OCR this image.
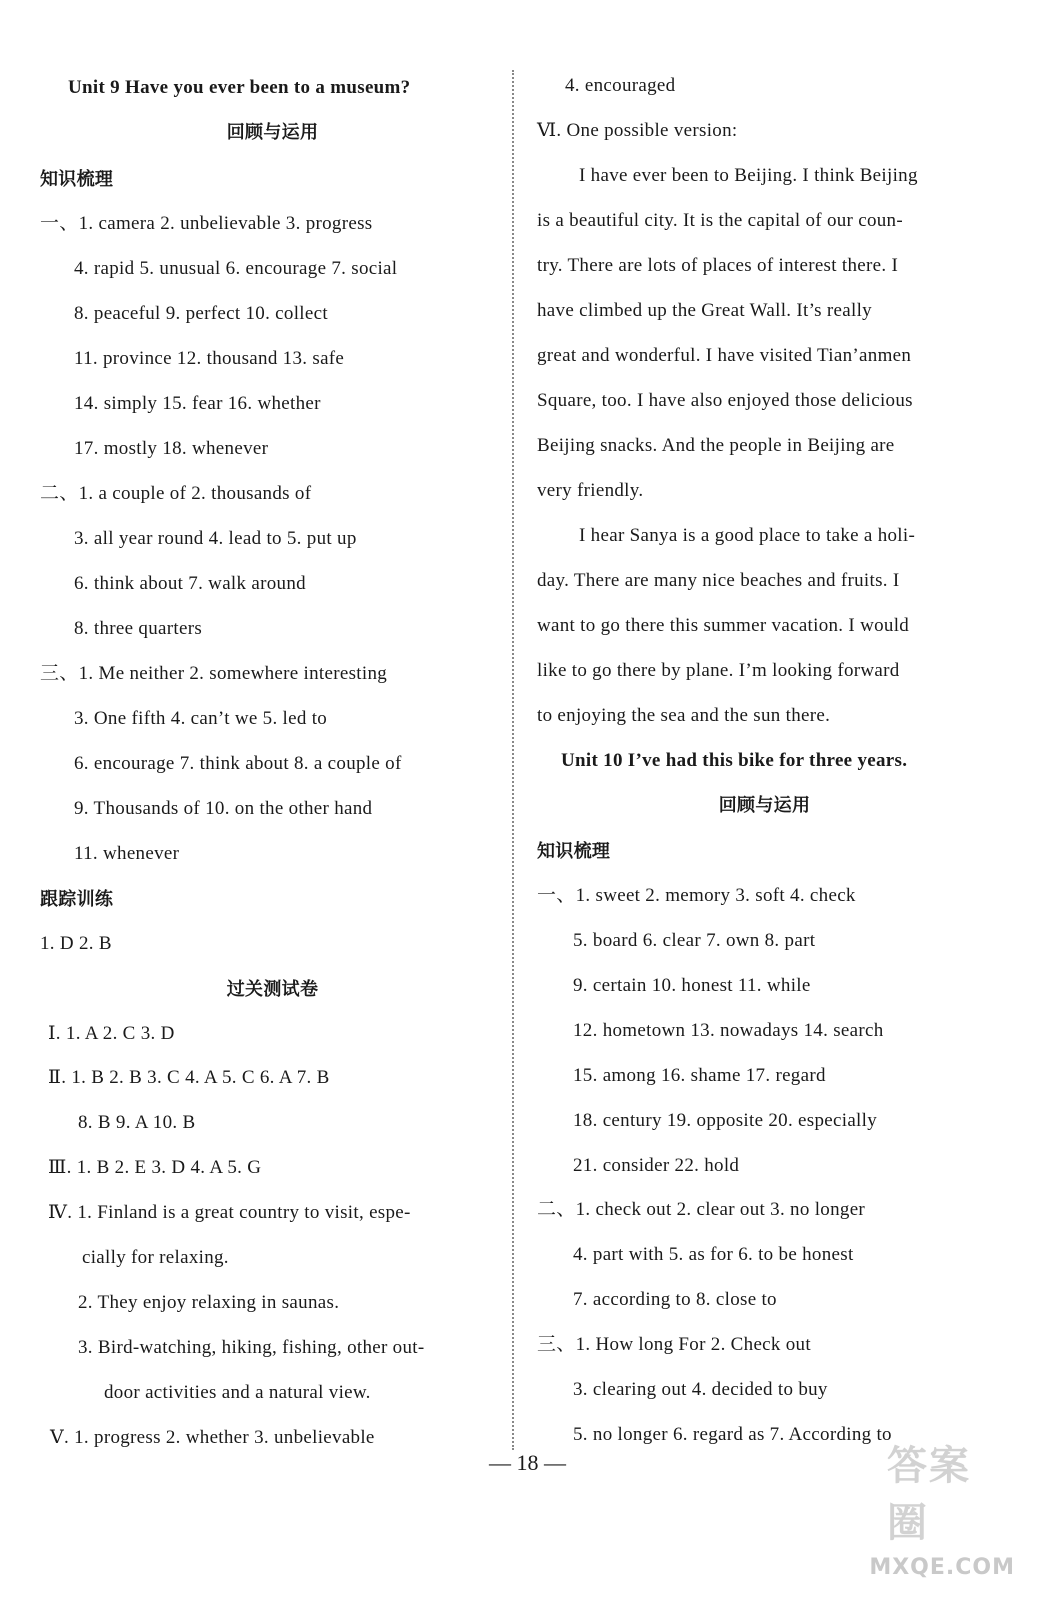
Unit 9 Have you ever been to a museum?
回顾与运用
知识梳理
一、1. camera 2. unbelievable 3. progress
4. rapid 5. unusual 6. encourage 7. social
8. peaceful 9. perfect 10. collect
11. province 12. thousand 13. safe
14. simply 15. fear 16. whether
17. mostly 18. whenever
二、1. a couple of 2. thousands of
3. all year round 4. lead to 5. put up
6. think about 7. walk around
8. three quarters
三、1. Me neither 2. somewhere interesting
3. One fifth 4. can’t we 5. led to
6. encourage 7. think about 8. a couple of
9. Thousands of 10. on the other hand
11. whenever
跟踪训练
1. D 2. B
过关测试卷
Ⅰ. 1. A 2. C 3. D
Ⅱ. 1. B 2. B 3. C 4. A 5. C 6. A 7. B
8. B 9. A 10. B
Ⅲ. 1. B 2. E 3. D 4. A 5. G
Ⅳ. 1. Finland is a great country to visit, espe-
cially for relaxing.
2. They enjoy relaxing in saunas.
3. Bird-watching, hiking, fishing, other out-
door activities and a natural view.
Ⅴ. 1. progress 2. whether 3. unbelievable
4. encouraged
Ⅵ. One possible version:
I have ever been to Beijing. I think Beijing
is a beautiful city. It is the capital of our coun-
try. There are lots of places of interest there. I
have climbed up the Great Wall. It’s really
great and wonderful. I have visited Tian’anmen
Square, too. I have also enjoyed those delicious
Beijing snacks. And the people in Beijing are
very friendly.
I hear Sanya is a good place to take a holi-
day. There are many nice beaches and fruits. I
want to go there this summer vacation. I would
like to go there by plane. I’m looking forward
to enjoying the sea and the sun there.
Unit 10 I’ve had this bike for three years.
回顾与运用
知识梳理
一、1. sweet 2. memory 3. soft 4. check
5. board 6. clear 7. own 8. part
9. certain 10. honest 11. while
12. hometown 13. nowadays 14. search
15. among 16. shame 17. regard
18. century 19. opposite 20. especially
21. consider 22. hold
二、1. check out 2. clear out 3. no longer
4. part with 5. as for 6. to be honest
7. according to 8. close to
三、1. How long For 2. Check out
3. clearing out 4. decided to buy
5. no longer 6. regard as 7. According to
— 18 —	答案圈
MXQE.COM
